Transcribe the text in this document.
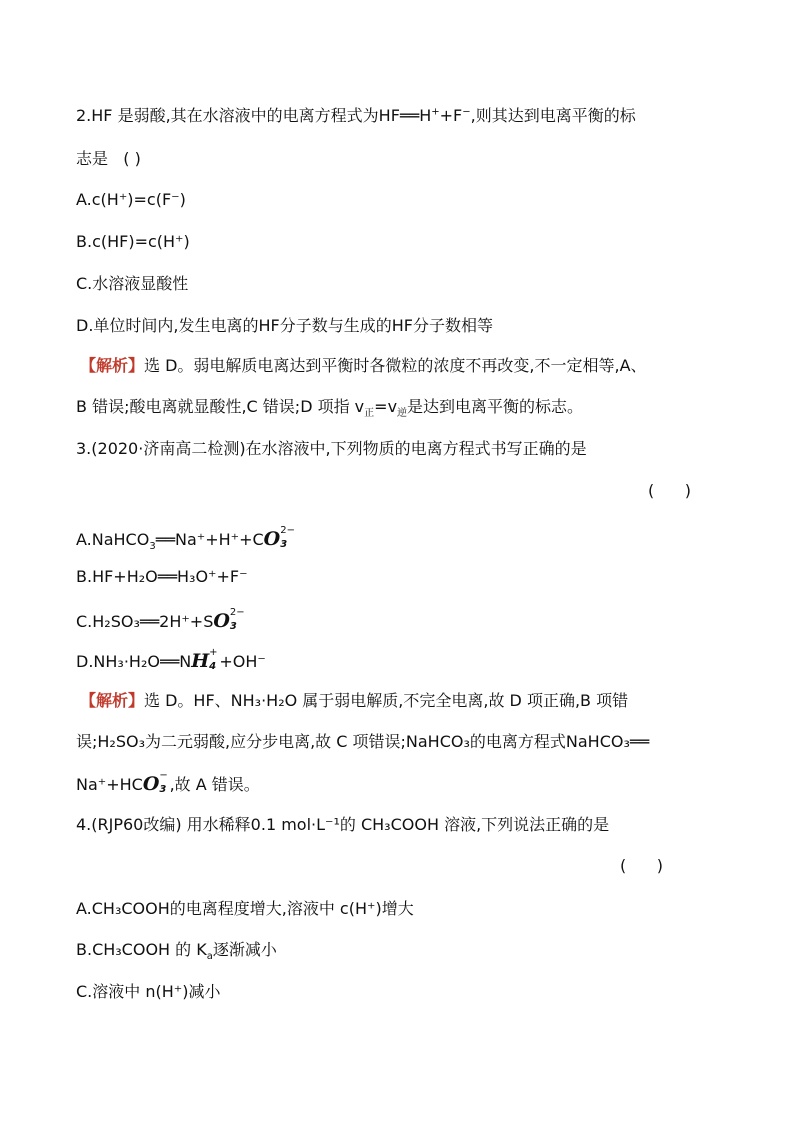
2.HF 是弱酸,其在水溶液中的电离方程式为HF══H++F−,则其达到电离平衡的标
志是 ( )
A.c(H⁺)=c(F⁻)
B.c(HF)=c(H⁺)
C.水溶液显酸性
D.单位时间内,发生电离的HF分子数与生成的HF分子数相等
【解析】选 D。弱电解质电离达到平衡时各微粒的浓度不再改变,不一定相等,A、
B 错误;酸电离就显酸性,C 错误;D 项指 $v_正=v_逆$是达到电离平衡的标志。
3.(2020·济南高二检测)在水溶液中,下列物质的电离方程式书写正确的是
(      )
A.NaHCO$_3$══Na⁺+H⁺+CO 2−
3
B.HF+H₂O══H₃O⁺+F⁻
C.H₂SO₃══2H⁺+SO 2−
3
D.NH₃·H₂O══NH +
4 +OH⁻
【解析】选 D。HF、NH₃·H₂O 属于弱电解质,不完全电离,故 D 项正确,B 项错
误;H₂SO₃为二元弱酸,应分步电离,故 C 项错误;NaHCO₃的电离方程式NaHCO₃══
Na⁺+HCO −
3 ,故 A 错误。
4.(RJP60改编) 用水稀释0.1 mol·L⁻¹的 CH₃COOH 溶液,下列说法正确的是
(      )
A.CH₃COOH的电离程度增大,溶液中 c(H⁺)增大
B.CH₃COOH 的 $K_a$逐渐减小
C.溶液中 n(H⁺)减小
